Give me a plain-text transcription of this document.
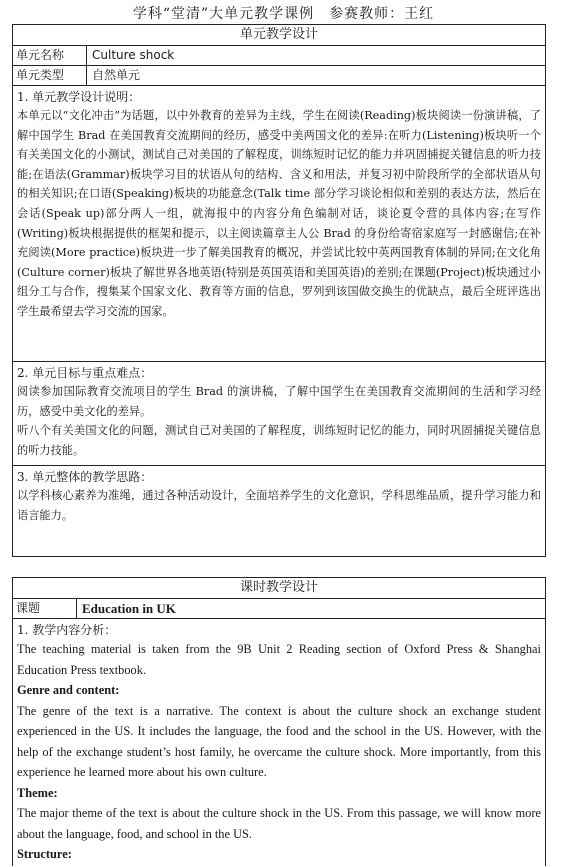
学科“堂清”大单元教学课例　参赛教师：王红
单元教学设计
单元名称	Culture shock
单元类型	自然单元
1. 单元教学设计说明：

本单元以“文化冲击”为话题，以中外教育的差异为主线，学生在阅读(Reading)板块阅读一份演讲稿，了解中国学生 Brad 在美国教育交流期间的经历，感受中美两国文化的差异:在听力(Listening)板块听一个有关美国文化的小测试，测试自己对美国的了解程度，训练短时记忆的能力并巩固捕捉关键信息的听力技能;在语法(Grammar)板块学习目的状语从句的结构、含义和用法，并复习初中阶段所学的全部状语从句的相关知识;在口语(Speaking)板块的功能意念(Talk time 部分学习谈论相似和差别的表达方法，然后在会话(Speak up)部分两人一组，就海报中的内容分角色编制对话，谈论夏令营的具体内容;在写作(Writing)板块根据提供的框架和提示，以主阅读篇章主人公 Brad 的身份给寄宿家庭写一封感谢信;在补充阅读(More practice)板块进一步了解美国教育的概况，并尝试比较中英两国教育体制的异同;在文化角(Culture corner)板块了解世界各地英语(特别是英国英语和美国英语)的差别;在课题(Project)板块通过小组分工与合作，搜集某个国家文化、教育等方面的信息，罗列到该国做交换生的优缺点，最后全班评选出学生最希望去学习交流的国家。

2. 单元目标与重点难点：

阅读参加国际教育交流项目的学生 Brad 的演讲稿，了解中国学生在美国教育交流期间的生活和学习经历，感受中美文化的差异。

听八个有关美国文化的问题，测试自己对美国的了解程度，训练短时记忆的能力，同时巩固捕捉关键信息的听力技能。

3. 单元整体的教学思路：

以学科核心素养为准绳，通过各种活动设计，全面培养学生的文化意识，学科思维品质，提升学习能力和语言能力。

课时教学设计
课题	Education in UK
1. 教学内容分析：

The teaching material is taken from the 9B Unit 2 Reading section of Oxford Press & Shanghai Education Press textbook.

Genre and content:

The genre of the text is a narrative. The context is about the culture shock an exchange student experienced in the US. It includes the language, the food and the school in the US. However, with the help of the exchange student’s host family, he overcame the culture shock. More importantly, from this experience he learned more about his own culture.

Theme:

The major theme of the text is about the culture shock in the US. From this passage, we will know more about the language, food, and school in the US.

Structure:
